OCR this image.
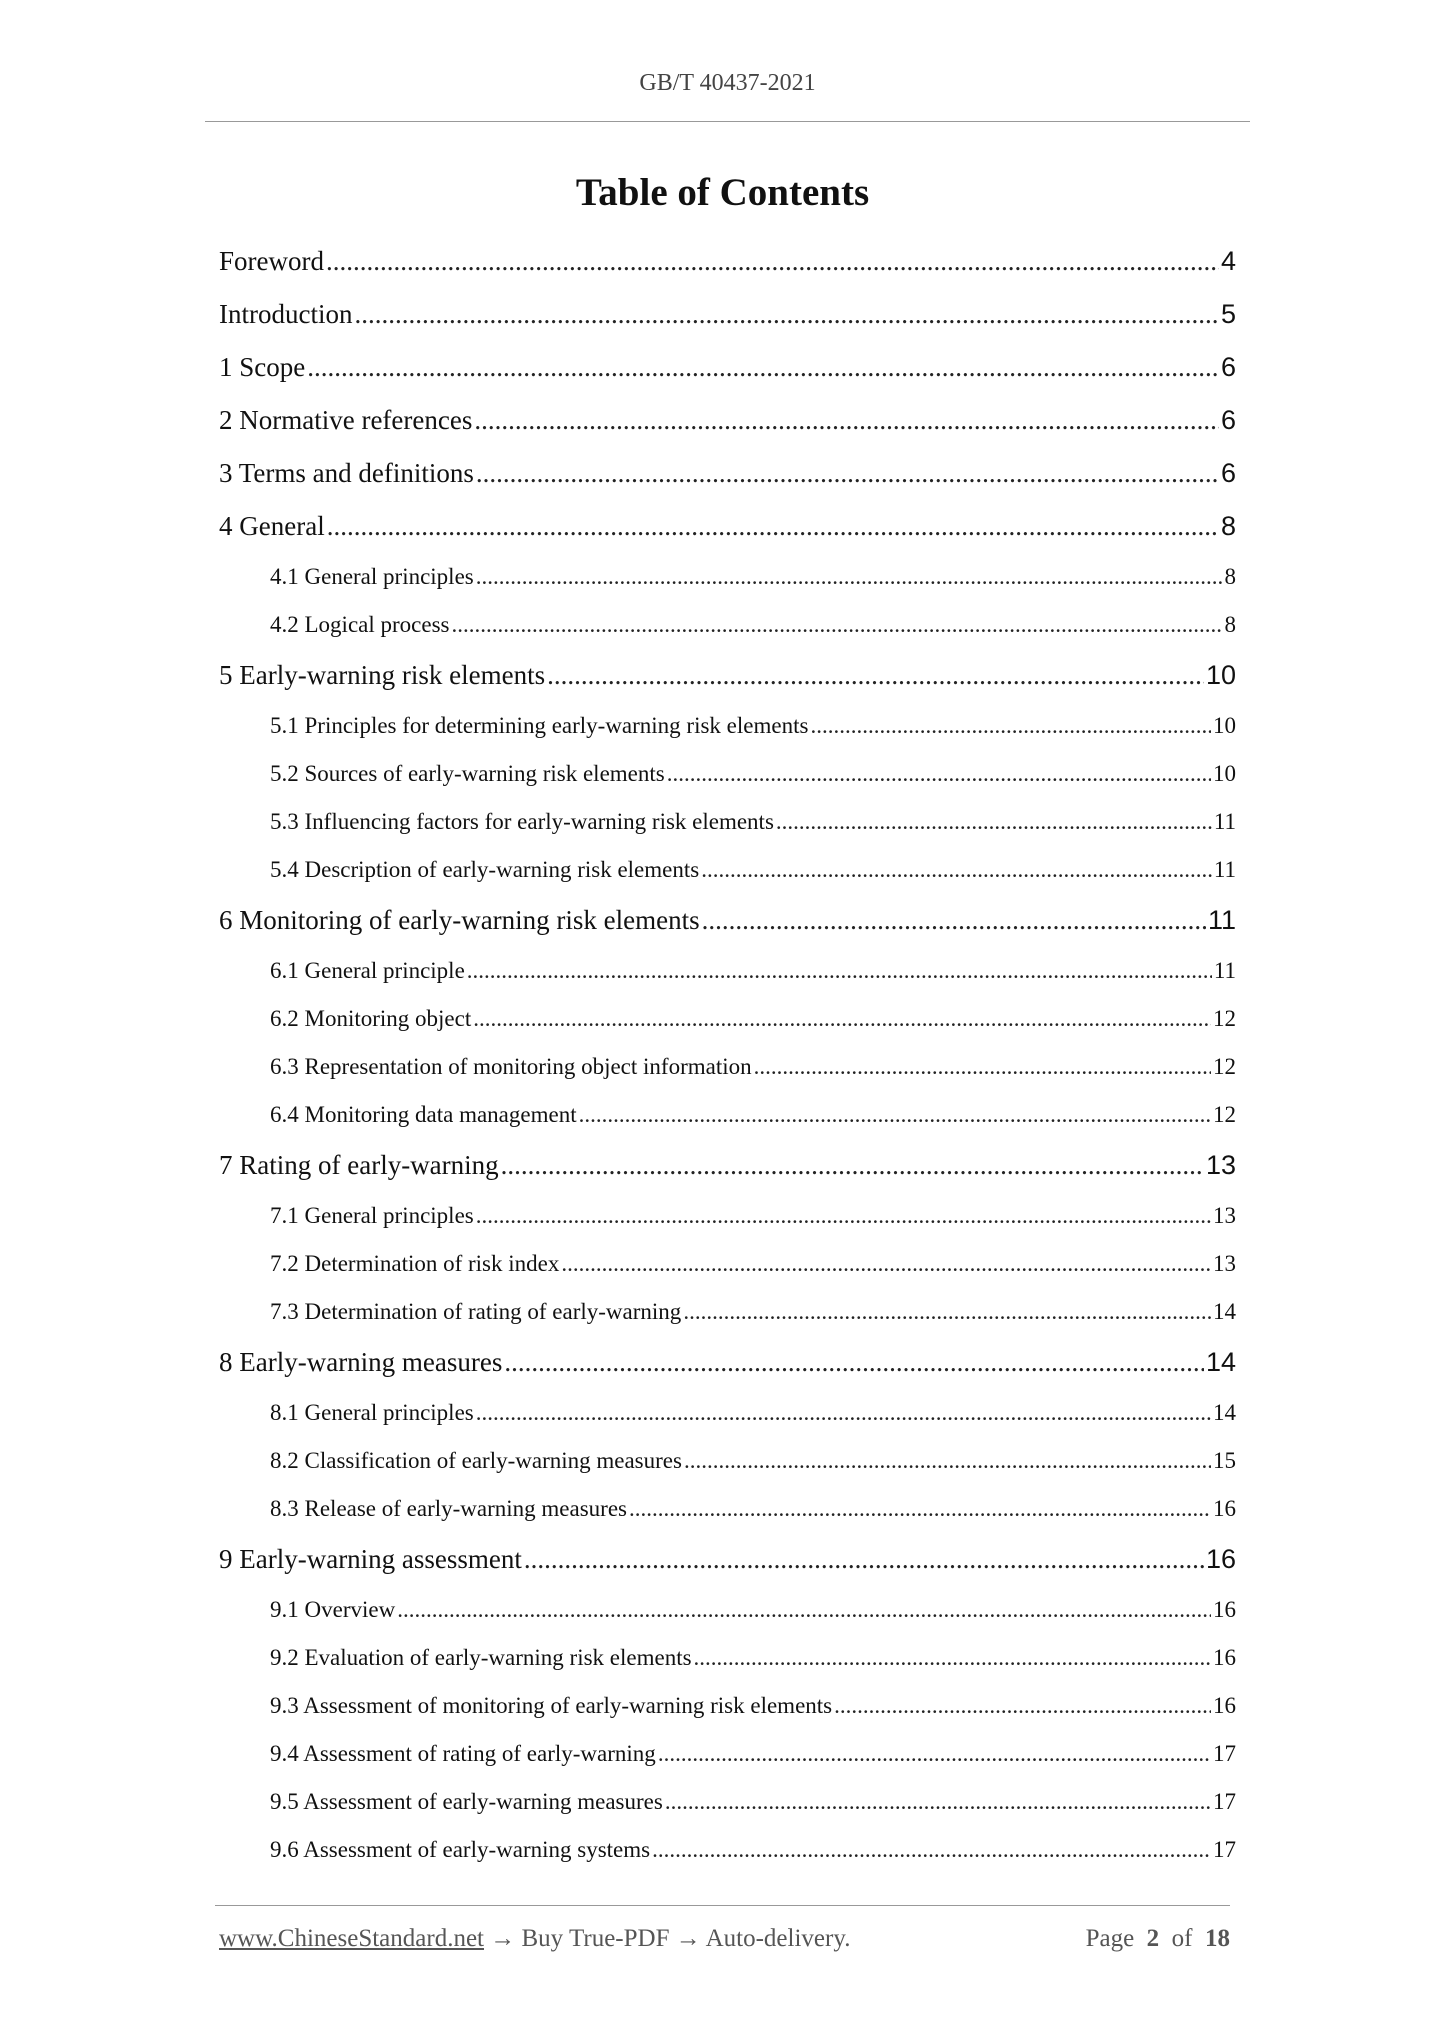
GB/T 40437-2021
Table of Contents
Foreword .....	4
Introduction .....	5
1 Scope .....	6
2 Normative references .....	6
3 Terms and definitions .....	6
4 General .....	8
4.1 General principles .....	8
4.2 Logical process .....	8
5 Early-warning risk elements .....	10
5.1 Principles for determining early-warning risk elements .....	10
5.2 Sources of early-warning risk elements .....	10
5.3 Influencing factors for early-warning risk elements .....	11
5.4 Description of early-warning risk elements .....	11
6 Monitoring of early-warning risk elements .....	11
6.1 General principle .....	11
6.2 Monitoring object .....	12
6.3 Representation of monitoring object information .....	12
6.4 Monitoring data management .....	12
7 Rating of early-warning .....	13
7.1 General principles .....	13
7.2 Determination of risk index .....	13
7.3 Determination of rating of early-warning .....	14
8 Early-warning measures .....	14
8.1 General principles .....	14
8.2 Classification of early-warning measures .....	15
8.3 Release of early-warning measures .....	16
9 Early-warning assessment .....	16
9.1 Overview .....	16
9.2 Evaluation of early-warning risk elements .....	16
9.3 Assessment of monitoring of early-warning risk elements .....	16
9.4 Assessment of rating of early-warning .....	17
9.5 Assessment of early-warning measures .....	17
9.6 Assessment of early-warning systems .....	17
www.ChineseStandard.net → Buy True-PDF → Auto-delivery.	Page 2 of 18
